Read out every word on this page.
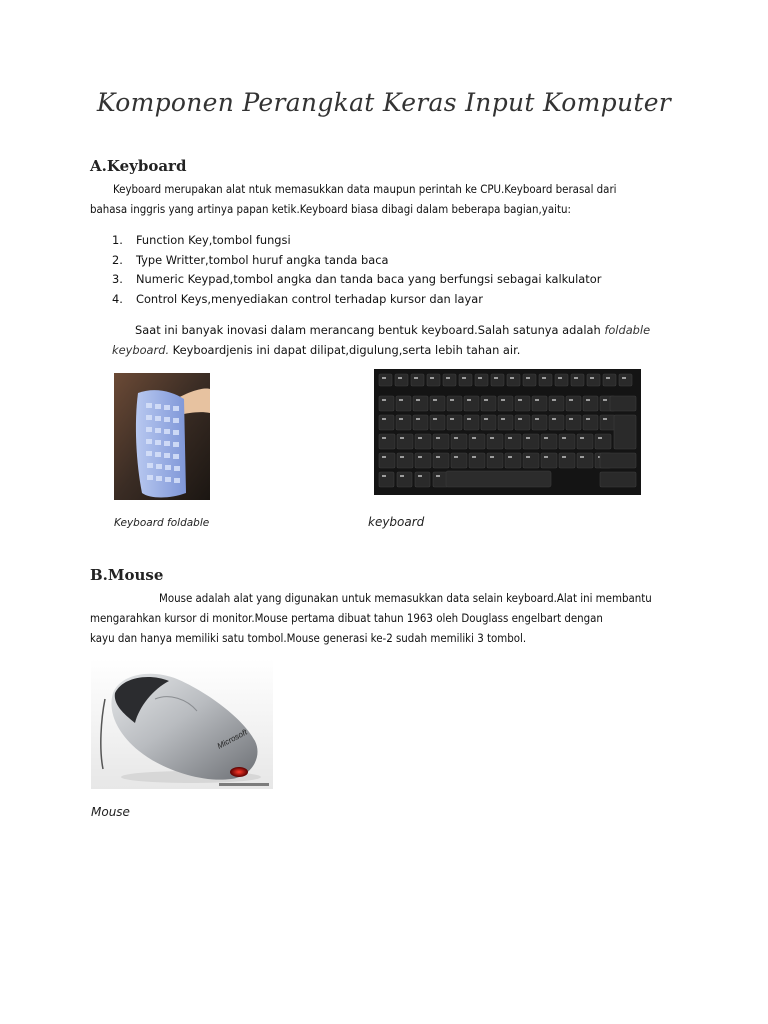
Komponen Perangkat Keras Input Komputer
A.Keyboard
Keyboard merupakan alat ntuk memasukkan data maupun perintah ke CPU.Keyboard berasal dari
bahasa inggris yang artinya papan ketik.Keyboard biasa dibagi dalam beberapa bagian,yaitu:
1. Function Key,tombol fungsi
2. Type Writter,tombol huruf angka tanda baca
3. Numeric Keypad,tombol angka dan tanda baca yang berfungsi sebagai kalkulator
4. Control Keys,menyediakan control terhadap kursor dan layar
Saat ini banyak inovasi dalam merancang bentuk keyboard.Salah satunya adalah foldable
keyboard. Keyboardjenis ini dapat dilipat,digulung,serta lebih tahan air.
Keyboard foldable	keyboard
B.Mouse
Mouse adalah alat yang digunakan untuk memasukkan data selain keyboard.Alat ini membantu
mengarahkan kursor di monitor.Mouse pertama dibuat tahun 1963 oleh Douglass engelbart dengan
kayu dan hanya memiliki satu tombol.Mouse generasi ke-2 sudah memiliki 3 tombol.
Microsoft
Mouse
